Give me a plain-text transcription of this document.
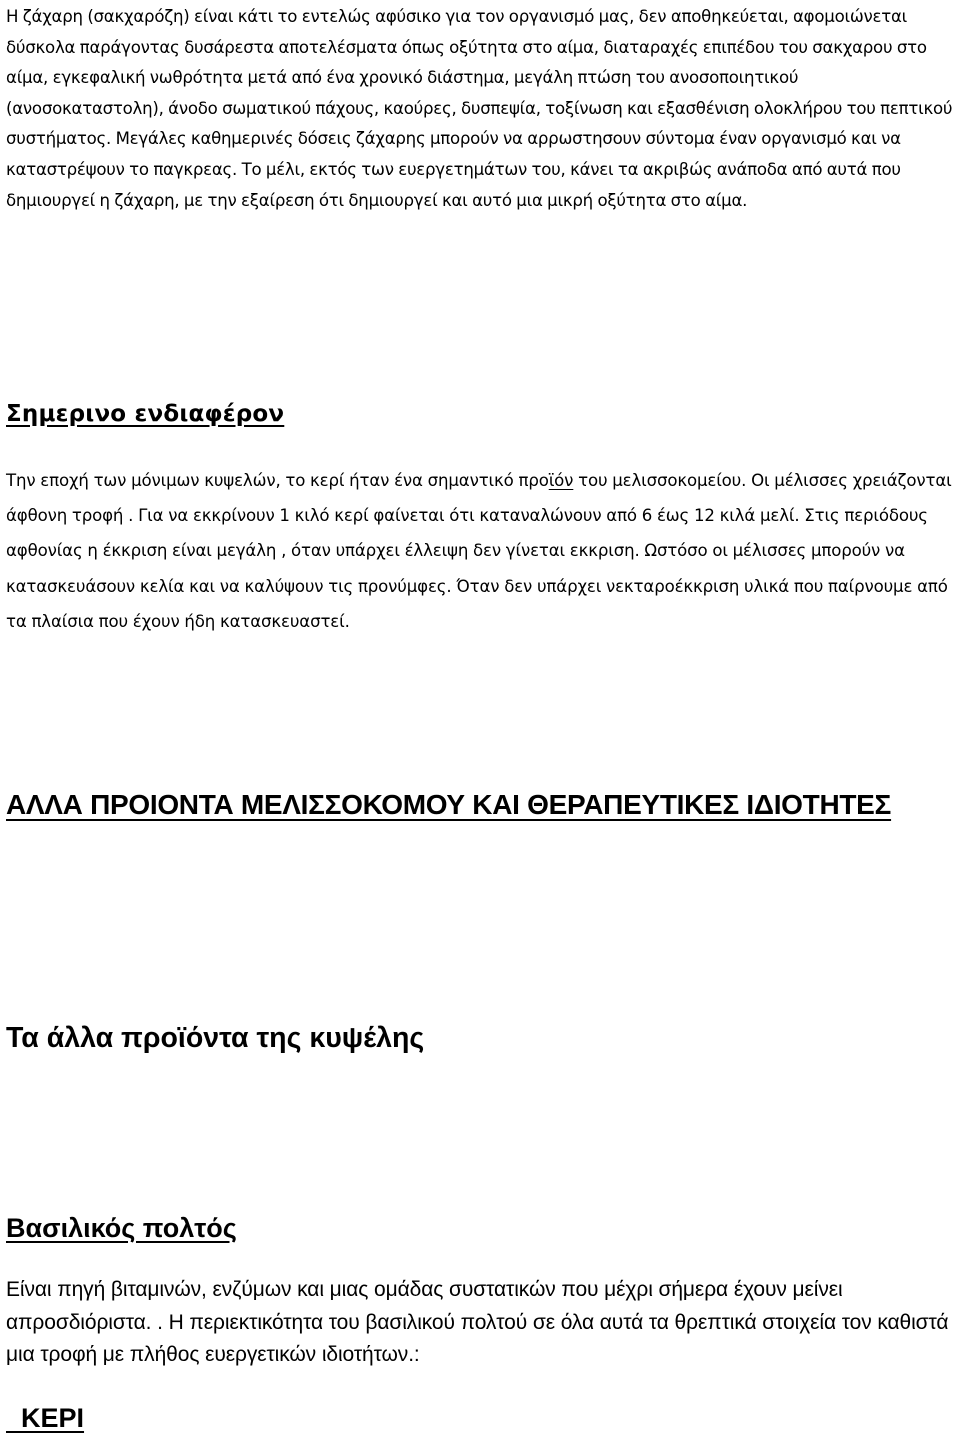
Η ζάχαρη (σακχαρόζη) είναι κάτι το εντελώς αφύσικο για τον οργανισμό μας, δεν αποθηκεύεται, αφομοιώνεται δύσκολα παράγοντας δυσάρεστα αποτελέσματα όπως οξύτητα στο αίμα, διαταραχές επιπέδου του σακχαρου στο αίμα, εγκεφαλική νωθρότητα μετά από ένα χρονικό διάστημα, μεγάλη πτώση του ανοσοποιητικού (ανοσοκαταστολη), άνοδο σωματικού πάχους, καούρες, δυσπεψία, τοξίνωση και εξασθένιση ολοκλήρου του πεπτικού συστήματος. Μεγάλες καθημερινές δόσεις ζάχαρης μπορούν να αρρωστησουν σύντομα έναν οργανισμό και να καταστρέψουν το παγκρεας. Το μέλι, εκτός των ευεργετημάτων του, κάνει τα ακριβώς ανάποδα από αυτά που δημιουργεί η ζάχαρη, με την εξαίρεση ότι δημιουργεί και αυτό μια μικρή οξύτητα στο αίμα.

Σημερινο ενδιαφέρον

Την εποχή των μόνιμων κυψελών, το κερί ήταν ένα σημαντικό προϊόν του μελισσοκομείου. Οι μέλισσες χρειάζονται άφθονη τροφή . Για να εκκρίνουν 1 κιλό κερί φαίνεται ότι καταναλώνουν από 6 έως 12 κιλά μελί. Στις περιόδους αφθονίας η έκκριση είναι μεγάλη , όταν υπάρχει έλλειψη δεν γίνεται εκκριση. Ωστόσο οι μέλισσες μπορούν να κατασκευάσουν κελία και να καλύψουν τις προνύμφες. Όταν δεν υπάρχει νεκταροέκκριση υλικά που παίρνουμε από τα πλαίσια που έχουν ήδη κατασκευαστεί.

ΑΛΛΑ ΠΡΟΙΟΝΤΑ ΜΕΛΙΣΣΟΚΟΜΟΥ ΚΑΙ ΘΕΡΑΠΕΥΤΙΚΕΣ ΙΔΙΟΤΗΤΕΣ
Τα άλλα προϊόντα της κυψέλης
Βασιλικός πολτός

Είναι πηγή βιταμινών, ενζύμων και μιας ομάδας συστατικών που μέχρι σήμερα έχουν μείνει απροσδιόριστα. . Η περιεκτικότητα του βασιλικού πολτού σε όλα αυτά τα θρεπτικά στοιχεία τον καθιστά μια τροφή με πλήθος ευεργετικών ιδιοτήτων.:

ΚΕΡΙ
